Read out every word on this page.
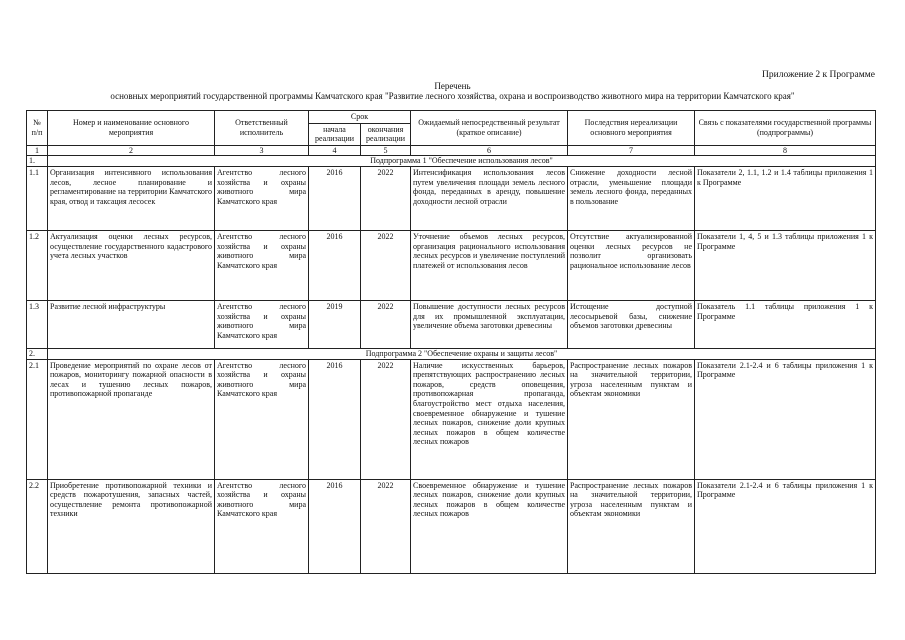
Приложение 2 к Программе
Перечень
основных мероприятий государственной программы Камчатского края "Развитие лесного хозяйства, охрана и воспроизводство животного мира на территории Камчатского края"
№ п/п	Номер и наименование основного мероприятия	Ответственный исполнитель	Срок		Ожидаемый непосредственный результат (краткое описание)	Последствия нереализации основного мероприятия	Связь с показателями государственной программы (подпрограммы)
			начала реализации	окончания реализации			
1	2	3	4	5	6	7	8
1.	Подпрограмма 1 "Обеспечение использования лесов"						
1.1	Организация интенсивного использования лесов, лесное планирование и регламентирование на территории Камчатского края, отвод и таксация лесосек	Агентство лесного хозяйства и охраны животного мира Камчатского края	2016	2022	Интенсификация использования лесов путем увеличения площади земель лесного фонда, переданных в аренду, повышение доходности лесной отрасли	Снижение доходности лесной отрасли, уменьшение площади земель лесного фонда, переданных в пользование	Показатели 2, 1.1, 1.2 и 1.4 таблицы приложения 1 к Программе
1.2	Актуализация оценки лесных ресурсов, осуществление государственного кадастрового учета лесных участков	Агентство лесного хозяйства и охраны животного мира Камчатского края	2016	2022	Уточнение объемов лесных ресурсов, организация рационального использования лесных ресурсов и увеличение поступлений платежей от использования лесов	Отсутствие актуализированной оценки лесных ресурсов не позволит организовать рациональное использование лесов	Показатели 1, 4, 5 и 1.3 таблицы приложения 1 к Программе
1.3	Развитие лесной инфраструктуры	Агентство лесного хозяйства и охраны животного мира Камчатского края	2019	2022	Повышение доступности лесных ресурсов для их промышленной эксплуатации, увеличение объема заготовки древесины	Истощение доступной лесосырьевой базы, снижение объемов заготовки древесины	Показатель 1.1 таблицы приложения 1 к Программе
2.	Подпрограмма 2 "Обеспечение охраны и защиты лесов"						
2.1	Проведение мероприятий по охране лесов от пожаров, мониторингу пожарной опасности в лесах и тушению лесных пожаров, противопожарной пропаганде	Агентство лесного хозяйства и охраны животного мира Камчатского края	2016	2022	Наличие искусственных барьеров, препятствующих распространению лесных пожаров, средств оповещения, противопожарная пропаганда, благоустройство мест отдыха населения, своевременное обнаружение и тушение лесных пожаров, снижение доли крупных лесных пожаров в общем количестве лесных пожаров	Распространение лесных пожаров на значительной территории, угроза населенным пунктам и объектам экономики	Показатели 2.1-2.4 и 6 таблицы приложения 1 к Программе
2.2	Приобретение противопожарной техники и средств пожаротушения, запасных частей, осуществление ремонта противопожарной техники	Агентство лесного хозяйства и охраны животного мира Камчатского края	2016	2022	Своевременное обнаружение и тушение лесных пожаров, снижение доли крупных лесных пожаров в общем количестве лесных пожаров	Распространение лесных пожаров на значительной территории, угроза населенным пунктам и объектам экономики	Показатели 2.1-2.4 и 6 таблицы приложения 1 к Программе
